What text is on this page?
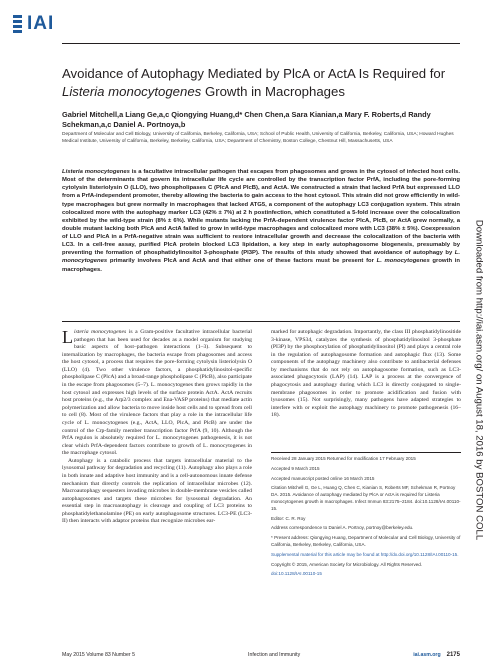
IAI
Avoidance of Autophagy Mediated by PlcA or ActA Is Required for Listeria monocytogenes Growth in Macrophages

Gabriel Mitchell,a Liang Ge,a,c Qiongying Huang,d* Chen Chen,a Sara Kianian,a Mary F. Roberts,d Randy Schekman,a,c Daniel A. Portnoya,b

Department of Molecular and Cell Biology, University of California, Berkeley, California, USA; School of Public Health, University of California, Berkeley, California, USA; Howard Hughes Medical Institute, University of California, Berkeley, Berkeley, California, USA; Department of Chemistry, Boston College, Chestnut Hill, Massachusetts, USA

Listeria monocytogenes is a facultative intracellular pathogen that escapes from phagosomes and grows in the cytosol of infected host cells. Most of the determinants that govern its intracellular life cycle are controlled by the transcription factor PrfA, including the pore-forming cytolysin listeriolysin O (LLO), two phospholipases C (PlcA and PlcB), and ActA. We constructed a strain that lacked PrfA but expressed LLO from a PrfA-independent promoter, thereby allowing the bacteria to gain access to the host cytosol. This strain did not grow efficiently in wild-type macrophages but grew normally in macrophages that lacked ATG5, a component of the autophagy LC3 conjugation system. This strain colocalized more with the autophagy marker LC3 (42% ± 7%) at 2 h postinfection, which constituted a 5-fold increase over the colocalization exhibited by the wild-type strain (8% ± 6%). While mutants lacking the PrfA-dependent virulence factor PlcA, PlcB, or ActA grew normally, a double mutant lacking both PlcA and ActA failed to grow in wild-type macrophages and colocalized more with LC3 (38% ± 5%). Coexpression of LLO and PlcA in a PrfA-negative strain was sufficient to restore intracellular growth and decrease the colocalization of the bacteria with LC3. In a cell-free assay, purified PlcA protein blocked LC3 lipidation, a key step in early autophagosome biogenesis, presumably by preventing the formation of phosphatidylinositol 3-phosphate (PI3P). The results of this study showed that avoidance of autophagy by L. monocytogenes primarily involves PlcA and ActA and that either one of these factors must be present for L. monocytogenes growth in macrophages.

Listeria monocytogenes is a Gram-positive facultative intracellular bacterial pathogen that has been used for decades as a model organism for studying basic aspects of host–pathogen interactions (1–3). Subsequent to internalization by macrophages, the bacteria escape from phagosomes and access the host cytosol, a process that requires the pore-forming cytolysin listeriolysin O (LLO) (4). Two other virulence factors, a phosphatidylinositol-specific phospholipase C (PlcA) and a broad-range phospholipase C (PlcB), also participate in the escape from phagosomes (5–7). L. monocytogenes then grows rapidly in the host cytosol and expresses high levels of the surface protein ActA. ActA recruits host proteins (e.g., the Arp2/3 complex and Ena-VASP proteins) that mediate actin polymerization and allow bacteria to move inside host cells and to spread from cell to cell (8). Most of the virulence factors that play a role in the intracellular life cycle of L. monocytogenes (e.g., ActA, LLO, PlcA, and PlcB) are under the control of the Crp-family member transcription factor PrfA (9, 10). Although the PrfA regulon is absolutely required for L. monocytogenes pathogenesis, it is not clear which PrfA-dependent factors contribute to growth of L. monocytogenes in the macrophage cytosol.

Autophagy is a catabolic process that targets intracellular material to the lysosomal pathway for degradation and recycling (11). Autophagy also plays a role in both innate and adaptive host immunity and is a cell-autonomous innate defense mechanism that directly controls the replication of intracellular microbes (12). Macroautophagy sequesters invading microbes in double-membrane vesicles called autophagosomes and targets these microbes for lysosomal degradation. An essential step in macroautophagy is cleavage and coupling of LC3 proteins to phosphatidylethanolamine (PE) on early autophagosome structures. LC3-PE (LC3-II) then interacts with adaptor proteins that recognize microbes ear-

marked for autophagic degradation. Importantly, the class III phosphatidylinositide 3-kinase, VPS34, catalyzes the synthesis of phosphatidylinositol 3-phosphate (PI3P) by the phosphorylation of phosphatidylinositol (PI) and plays a central role in the regulation of autophagosome formation and autophagic flux (13). Some components of the autophagy machinery also contribute to antibacterial defenses by mechanisms that do not rely on autophagosome formation, such as LC3-associated phagocytosis (LAP) (14). LAP is a process at the convergence of phagocytosis and autophagy during which LC3 is directly conjugated to single-membrane phagosomes in order to promote acidification and fusion with lysosomes (15). Not surprisingly, many pathogens have adapted strategies to interfere with or exploit the autophagy machinery to promote pathogenesis (16–18).

Received 28 January 2015 Returned for modification 17 February 2015

Accepted 9 March 2015

Accepted manuscript posted online 16 March 2015

Citation Mitchell G, Ge L, Huang Q, Chen C, Kianian S, Roberts MF, Schekman R, Portnoy DA. 2015. Avoidance of autophagy mediated by PlcA or ActA is required for Listeria monocytogenes growth in macrophages. Infect Immun 83:2175–2184. doi:10.1128/IAI.00110-15.

Editor: C. R. Roy

Address correspondence to Daniel A. Portnoy, portnoy@berkeley.edu.

* Present address: Qiongying Huang, Department of Molecular and Cell Biology, University of California, Berkeley, Berkeley, California, USA.

Supplemental material for this article may be found at http://dx.doi.org/10.1128/IAI.00110-15.

Copyright © 2015, American Society for Microbiology. All Rights Reserved.

doi:10.1128/IAI.00110-15

Downloaded from http://iai.asm.org/ on August 18, 2016 by BOSTON COLL
May 2015 Volume 83 Number 5	Infection and Immunity	iai.asm.org 2175
